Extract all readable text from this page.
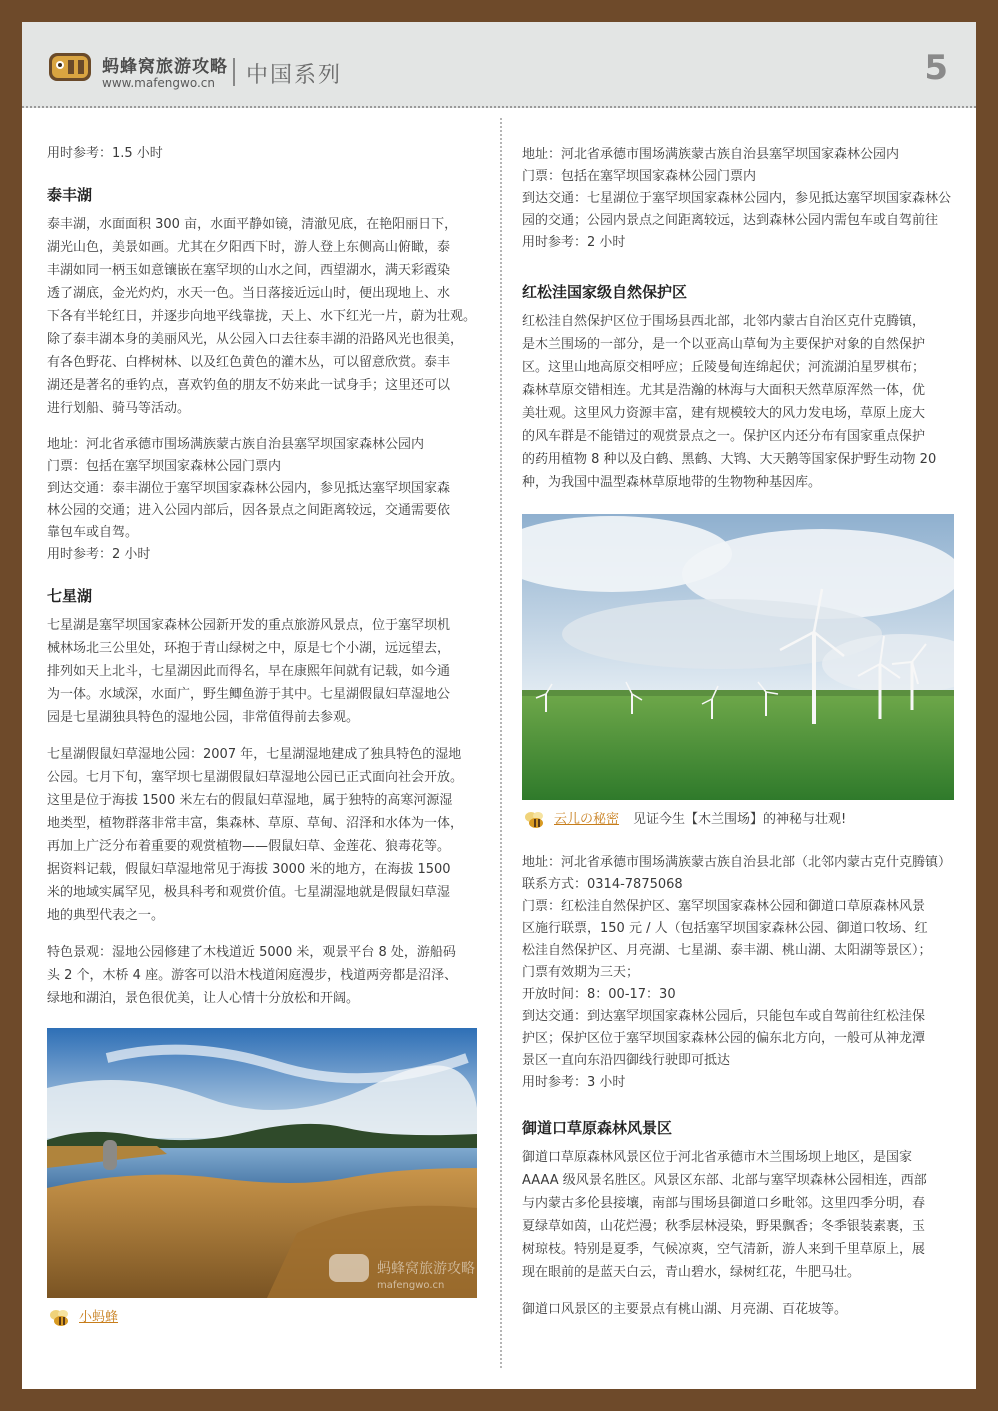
蚂蜂窝旅游攻略
www.mafengwo.cn 中国系列	5

用时参考：1.5 小时

泰丰湖

泰丰湖，水面面积 300 亩，水面平静如镜，清澈见底，在艳阳丽日下，

湖光山色，美景如画。尤其在夕阳西下时，游人登上东侧高山俯瞰，泰

丰湖如同一柄玉如意镶嵌在塞罕坝的山水之间，西望湖水，满天彩霞染

透了湖底，金光灼灼，水天一色。当日落接近远山时，便出现地上、水

下各有半轮红日，并逐步向地平线靠拢，天上、水下红光一片，蔚为壮观。

除了泰丰湖本身的美丽风光，从公园入口去往泰丰湖的沿路风光也很美，

有各色野花、白桦树林、以及红色黄色的灌木丛，可以留意欣赏。泰丰

湖还是著名的垂钓点，喜欢钓鱼的朋友不妨来此一试身手；这里还可以

进行划船、骑马等活动。

地址：河北省承德市围场满族蒙古族自治县塞罕坝国家森林公园内

门票：包括在塞罕坝国家森林公园门票内

到达交通：泰丰湖位于塞罕坝国家森林公园内，参见抵达塞罕坝国家森

林公园的交通；进入公园内部后，因各景点之间距离较远，交通需要依

靠包车或自驾。

用时参考：2 小时

七星湖

七星湖是塞罕坝国家森林公园新开发的重点旅游风景点，位于塞罕坝机

械林场北三公里处，环抱于青山绿树之中，原是七个小湖，远远望去，

排列如天上北斗，七星湖因此而得名，早在康熙年间就有记载，如今通

为一体。水域深，水面广，野生鲫鱼游于其中。七星湖假鼠妇草湿地公

园是七星湖独具特色的湿地公园，非常值得前去参观。

七星湖假鼠妇草湿地公园：2007 年，七星湖湿地建成了独具特色的湿地

公园。七月下旬，塞罕坝七星湖假鼠妇草湿地公园已正式面向社会开放。

这里是位于海拔 1500 米左右的假鼠妇草湿地，属于独特的高寒河源湿

地类型，植物群落非常丰富，集森林、草原、草甸、沼泽和水体为一体，

再加上广泛分布着重要的观赏植物——假鼠妇草、金莲花、狼毒花等。

据资料记载，假鼠妇草湿地常见于海拔 3000 米的地方，在海拔 1500

米的地域实属罕见，极具科考和观赏价值。七星湖湿地就是假鼠妇草湿

地的典型代表之一。

特色景观：湿地公园修建了木栈道近 5000 米，观景平台 8 处，游船码

头 2 个，木桥 4 座。游客可以沿木栈道闲庭漫步，栈道两旁都是沼泽、

绿地和湖泊，景色很优美，让人心情十分放松和开阔。

蚂蜂窝旅游攻略
mafengwo.cn
小蚂蜂

地址：河北省承德市围场满族蒙古族自治县塞罕坝国家森林公园内

门票：包括在塞罕坝国家森林公园门票内

到达交通：七星湖位于塞罕坝国家森林公园内，参见抵达塞罕坝国家森林公

园的交通；公园内景点之间距离较远，达到森林公园内需包车或自驾前往

用时参考：2 小时

红松洼国家级自然保护区

红松洼自然保护区位于围场县西北部，北邻内蒙古自治区克什克腾镇，

是木兰围场的一部分，是一个以亚高山草甸为主要保护对象的自然保护

区。这里山地高原交相呼应；丘陵曼甸连绵起伏；河流湖泊星罗棋布；

森林草原交错相连。尤其是浩瀚的林海与大面积天然草原浑然一体，优

美壮观。这里风力资源丰富，建有规模较大的风力发电场，草原上庞大

的风车群是不能错过的观赏景点之一。保护区内还分布有国家重点保护

的药用植物 8 种以及白鹤、黑鹤、大鸨、大天鹅等国家保护野生动物 20

种，为我国中温型森林草原地带的生物物种基因库。

云儿の秘密 见证今生【木兰围场】的神秘与壮观!

地址：河北省承德市围场满族蒙古族自治县北部（北邻内蒙古克什克腾镇）

联系方式：0314-7875068

门票：红松洼自然保护区、塞罕坝国家森林公园和御道口草原森林风景

区施行联票，150 元 / 人（包括塞罕坝国家森林公园、御道口牧场、红

松洼自然保护区、月亮湖、七星湖、泰丰湖、桃山湖、太阳湖等景区）；

门票有效期为三天；

开放时间：8：00-17：30

到达交通：到达塞罕坝国家森林公园后，只能包车或自驾前往红松洼保

护区；保护区位于塞罕坝国家森林公园的偏东北方向，一般可从神龙潭

景区一直向东沿四御线行驶即可抵达

用时参考：3 小时

御道口草原森林风景区

御道口草原森林风景区位于河北省承德市木兰围场坝上地区，是国家

AAAA 级风景名胜区。风景区东部、北部与塞罕坝森林公园相连，西部

与内蒙古多伦县接壤，南部与围场县御道口乡毗邻。这里四季分明，春

夏绿草如茵，山花烂漫；秋季层林浸染，野果飘香；冬季银装素裹，玉

树琼枝。特别是夏季，气候凉爽，空气清新，游人来到千里草原上，展

现在眼前的是蓝天白云，青山碧水，绿树红花，牛肥马壮。

御道口风景区的主要景点有桃山湖、月亮湖、百花坡等。
